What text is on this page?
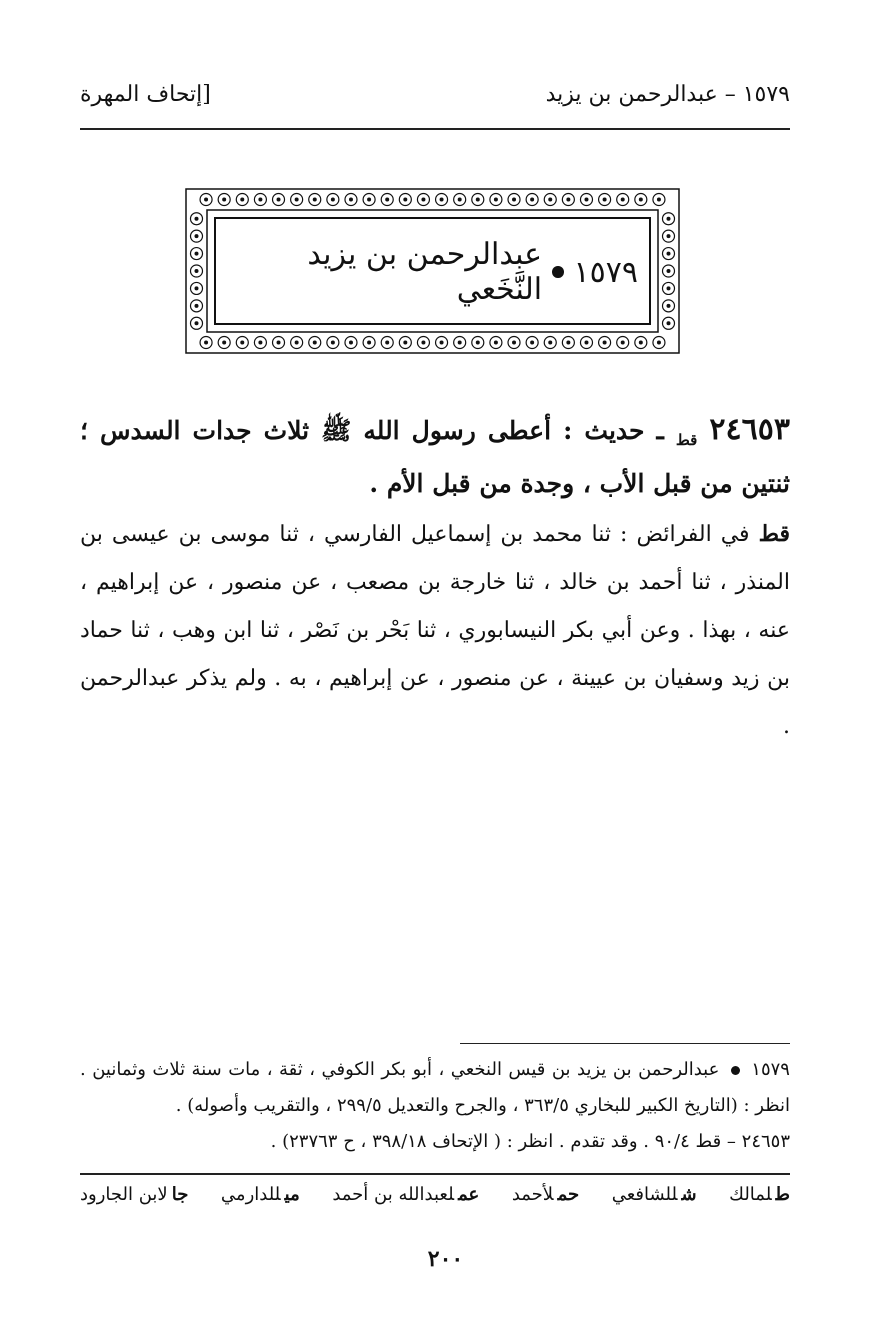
١٥٧٩ – عبدالرحمن بن يزيد
[إتحاف المهرة
١٥٧٩
عبدالرحمن بن يزيد النَّخَعي
٢٤٦٥٣ $_{قط}$ ـ حديث : أعطى رسول الله ﷺ ثلاث جدات السدس ؛ ثنتين من قبل الأب ، وجدة من قبل الأم .
قط في الفرائض : ثنا محمد بن إسماعيل الفارسي ، ثنا موسى بن عيسى بن المنذر ، ثنا أحمد بن خالد ، ثنا خارجة بن مصعب ، عن منصور ، عن إبراهيم ، عنه ، بهذا . وعن أبي بكر النيسابوري ، ثنا بَحْر بن نَصْر ، ثنا ابن وهب ، ثنا حماد بن زيد وسفيان بن عيينة ، عن منصور ، عن إبراهيم ، به . ولم يذكر عبدالرحمن .
١٥٧٩  عبدالرحمن بن يزيد بن قيس النخعي ، أبو بكر الكوفي ، ثقة ، مات سنة ثلاث وثمانين . انظر : (التاريخ الكبير للبخاري ٣٦٣/٥ ، والجرح والتعديل ٢٩٩/٥ ، والتقريب وأصوله) .
٢٤٦٥٣ – قط ٩٠/٤ . وقد تقدم . انظر : ( الإتحاف ٣٩٨/١٨ ، ح ٢٣٧٦٣) .
طلمالك
شللشافعي
حملأحمد
عملعبدالله بن أحمد
ميللدارمي
جالابن الجارود
٢٠٠
